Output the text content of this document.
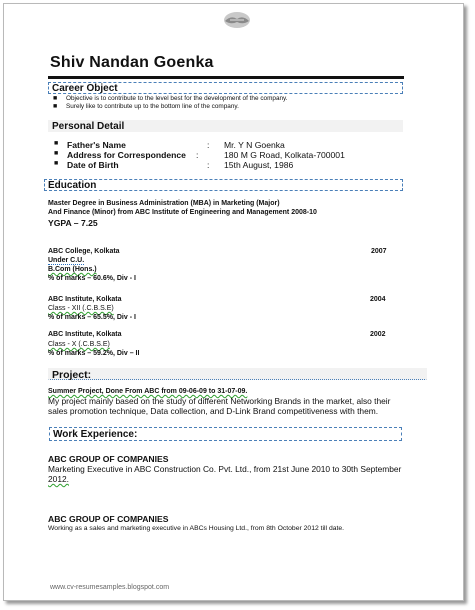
Shiv Nandan Goenka
Career Object
■ Objective is to contribute to the level best for the development of the company.
■ Surely like to contribute up to the bottom line of the company.
Personal Detail
■ Father's Name	: Mr. Y N Goenka
■ Address for Correspondence :	180 M G Road, Kolkata-700001
■ Date of Birth	: 15th August, 1986
Education
Master Degree in Business Administration (MBA) in Marketing (Major)
And Finance (Minor) from ABC Institute of Engineering and Management 2008-10
YGPA – 7.25
ABC College, Kolkata	2007
Under C.U.
B.Com (Hons.)
% of marks – 60.6%, Div - I
ABC Institute, Kolkata	2004
Class - XII (.C.B.S.E)
% of marks – 65.5%, Div - I
ABC Institute, Kolkata	2002
Class - X (.C.B.S.E)
% of marks – 59.2%, Div – II
Project:
Summer Project, Done From ABC from 09-06-09 to 31-07-09.
My project mainly based on the study of different Networking Brands in the market, also their
sales promotion technique, Data collection, and D-Link Brand competitiveness with them.
Work Experience:
ABC GROUP OF COMPANIES
Marketing Executive in ABC Construction Co. Pvt. Ltd., from 21st June 2010 to 30th September
2012.
ABC GROUP OF COMPANIES
Working as a sales and marketing executive in ABCs Housing Ltd., from 8th October 2012 till date.
www.cv-resumesamples.blogspot.com
